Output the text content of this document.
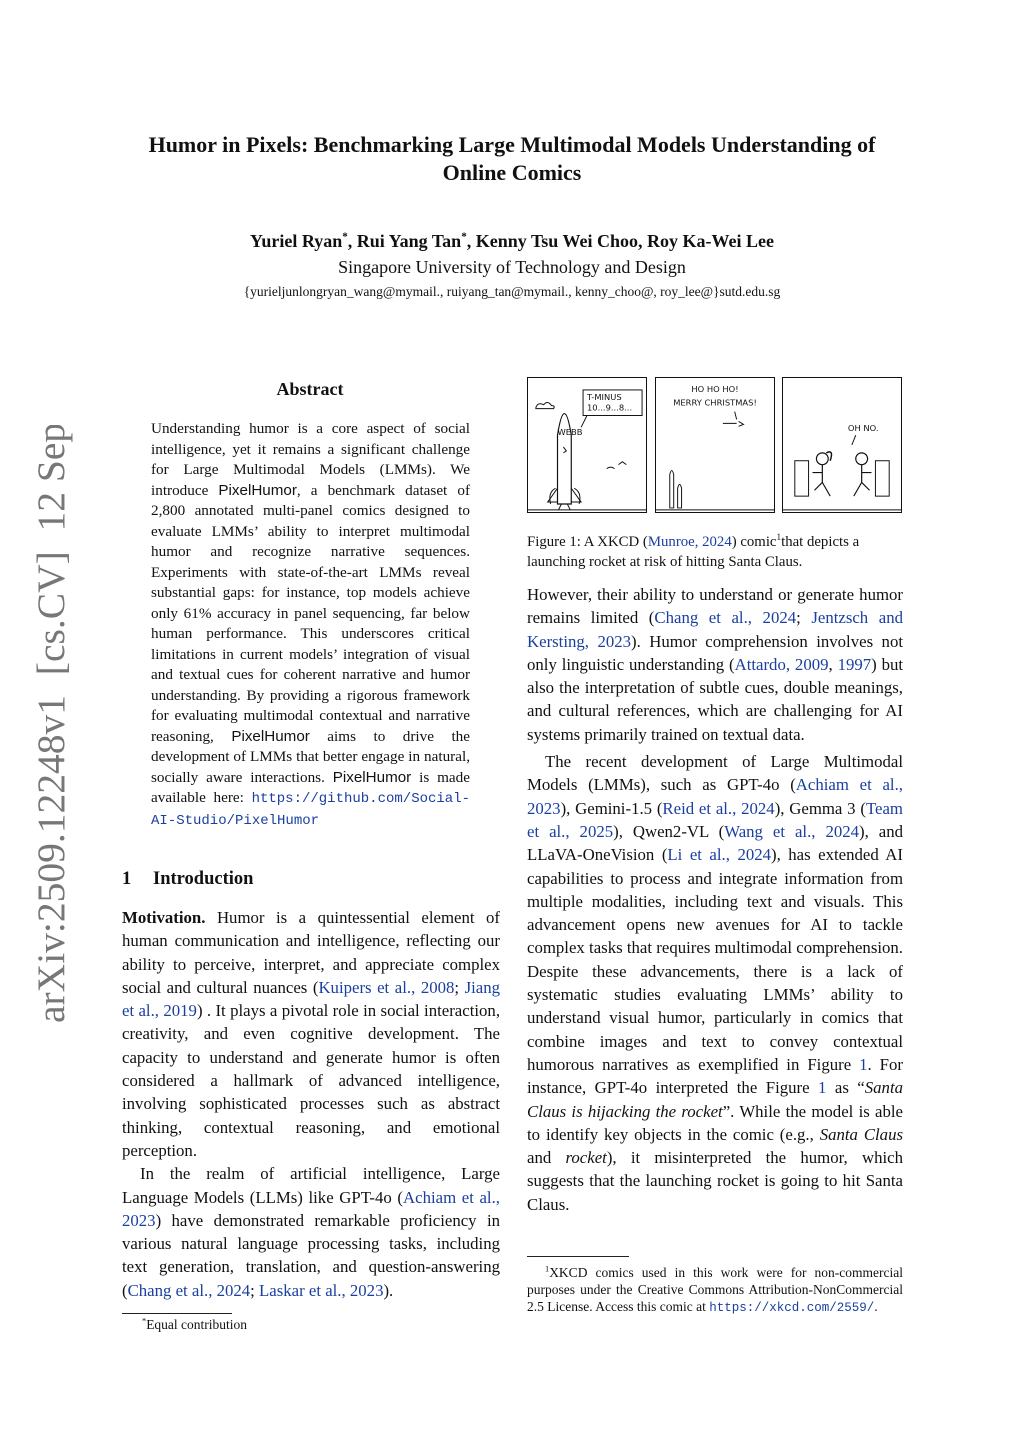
arXiv:2509.12248v1  [cs.CV]  12 Sep 2025
Humor in Pixels: Benchmarking Large Multimodal Models Understanding of Online Comics
Yuriel Ryan*, Rui Yang Tan*, Kenny Tsu Wei Choo, Roy Ka-Wei Lee
Singapore University of Technology and Design
{yurieljunlongryan_wang@mymail., ruiyang_tan@mymail., kenny_choo@, roy_lee@}sutd.edu.sg
Abstract

Understanding humor is a core aspect of social intelligence, yet it remains a significant challenge for Large Multimodal Models (LMMs). We introduce PixelHumor, a benchmark dataset of 2,800 annotated multi-panel comics designed to evaluate LMMs’ ability to interpret multimodal humor and recognize narrative sequences. Experiments with state-of-the-art LMMs reveal substantial gaps: for instance, top models achieve only 61% accuracy in panel sequencing, far below human performance. This underscores critical limitations in current models’ integration of visual and textual cues for coherent narrative and humor understanding. By providing a rigorous framework for evaluating multimodal contextual and narrative reasoning, PixelHumor aims to drive the development of LMMs that better engage in natural, socially aware interactions. PixelHumor is made available here: https://github.com/Social-AI-Studio/PixelHumor

1 Introduction

Motivation. Humor is a quintessential element of human communication and intelligence, reflecting our ability to perceive, interpret, and appreciate complex social and cultural nuances (Kuipers et al., 2008; Jiang et al., 2019) . It plays a pivotal role in social interaction, creativity, and even cognitive development. The capacity to understand and generate humor is often considered a hallmark of advanced intelligence, involving sophisticated processes such as abstract thinking, contextual reasoning, and emotional perception.

In the realm of artificial intelligence, Large Language Models (LLMs) like GPT-4o (Achiam et al., 2023) have demonstrated remarkable proficiency in various natural language processing tasks, including text generation, translation, and question-answering (Chang et al., 2024; Laskar et al., 2023).

*Equal contribution
WEBB
T-MINUS 10...9...8...
HO HO HO! MERRY CHRISTMAS!
OH NO.

Figure 1: A XKCD (Munroe, 2024) comic$^1$that depicts a launching rocket at risk of hitting Santa Claus.

However, their ability to understand or generate humor remains limited (Chang et al., 2024; Jentzsch and Kersting, 2023). Humor comprehension involves not only linguistic understanding (Attardo, 2009, 1997) but also the interpretation of subtle cues, double meanings, and cultural references, which are challenging for AI systems primarily trained on textual data.

The recent development of Large Multimodal Models (LMMs), such as GPT-4o (Achiam et al., 2023), Gemini-1.5 (Reid et al., 2024), Gemma 3 (Team et al., 2025), Qwen2-VL (Wang et al., 2024), and LLaVA-OneVision (Li et al., 2024), has extended AI capabilities to process and integrate information from multiple modalities, including text and visuals. This advancement opens new avenues for AI to tackle complex tasks that requires multimodal comprehension. Despite these advancements, there is a lack of systematic studies evaluating LMMs’ ability to understand visual humor, particularly in comics that combine images and text to convey contextual humorous narratives as exemplified in Figure 1. For instance, GPT-4o interpreted the Figure 1 as “Santa Claus is hijacking the rocket”. While the model is able to identify key objects in the comic (e.g., Santa Claus and rocket), it misinterpreted the humor, which suggests that the launching rocket is going to hit Santa Claus.

$^1$XKCD comics used in this work were for non-commercial purposes under the Creative Commons Attribution-NonCommercial 2.5 License. Access this comic at https://xkcd.com/2559/.
